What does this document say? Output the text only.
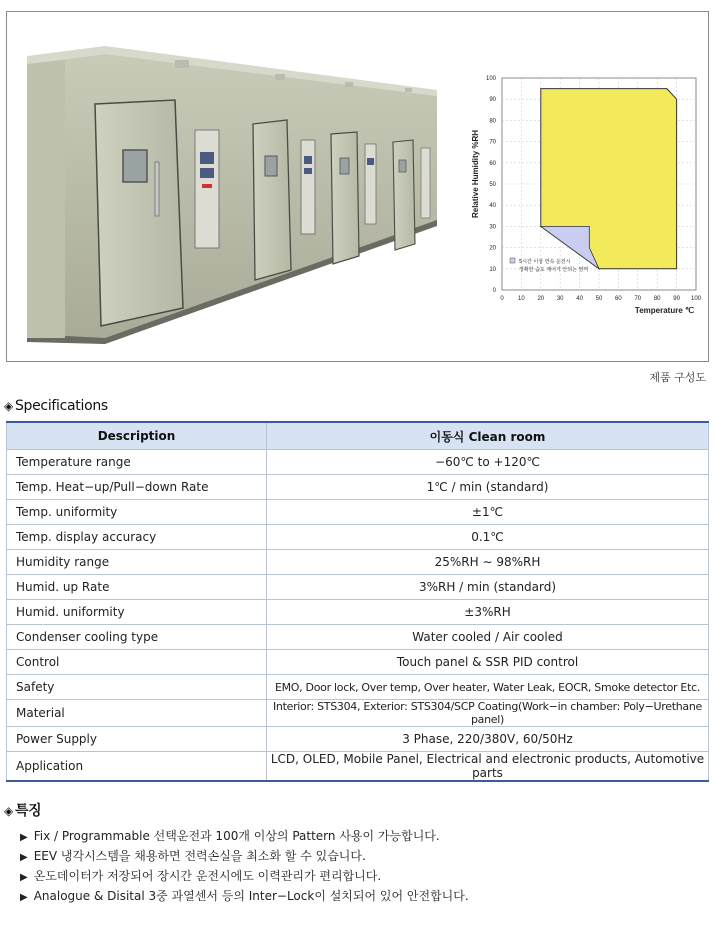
Relative Humidity %RH
100
90
80
70
60
50
40
30
20
10
0
0 10 20 30 40 50 60 70 80 90 100
5시간 이상 연속 운전시
정확한 습도 제어가 안되는 영역
Temperature ℃
제품 구성도
◈ Specifications
Description	이동식 Clean room
Temperature range	−60℃ to +120℃
Temp. Heat−up/Pull−down Rate	1℃ / min (standard)
Temp. uniformity	±1℃
Temp. display accuracy	0.1℃
Humidity range	25%RH ∼ 98%RH
Humid. up Rate	3%RH / min (standard)
Humid. uniformity	±3%RH
Condenser cooling type	Water cooled / Air cooled
Control	Touch panel & SSR PID control
Safety	EMO, Door lock, Over temp, Over heater, Water Leak, EOCR, Smoke detector Etc.
Material	Interior: STS304, Exterior: STS304/SCP Coating(Work−in chamber: Poly−Urethane panel)
Power Supply	3 Phase, 220/380V, 60/50Hz
Application	LCD, OLED, Mobile Panel, Electrical and electronic products, Automotive parts
◈ 특징
▶ Fix / Programmable 선택운전과 100개 이상의 Pattern 사용이 가능합니다.
▶ EEV 냉각시스템을 채용하면 전력손실을 최소화 할 수 있습니다.
▶ 온도데이터가 저장되어 장시간 운전시에도 이력관리가 편리합니다.
▶ Analogue & Disital 3중 과열센서 등의 Inter−Lock이 설치되어 있어 안전합니다.
